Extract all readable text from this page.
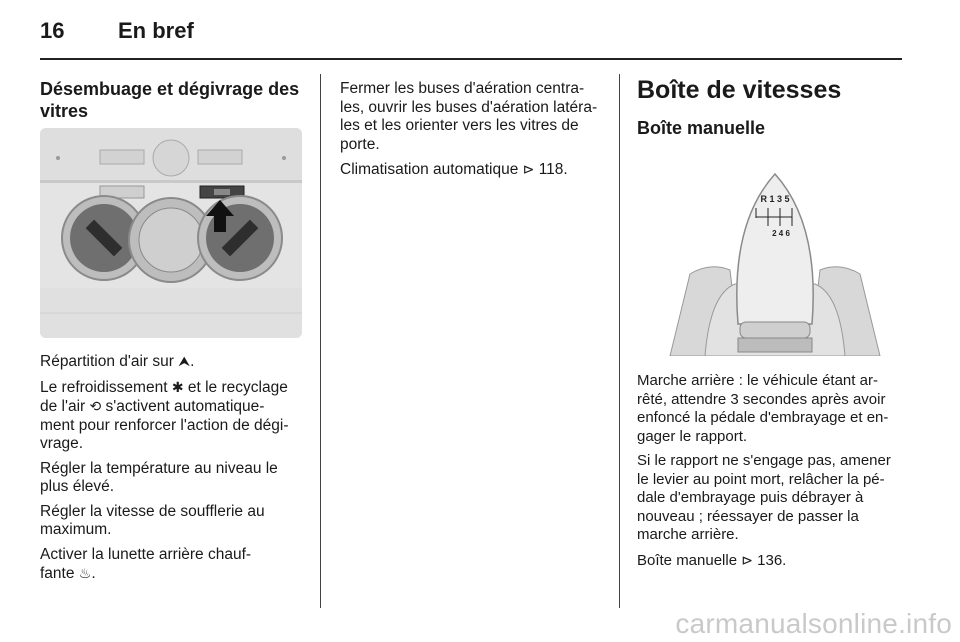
16 En bref
Désembuage et dégivrage des vitres

Répartition d'air sur ⮝.

Le refroidissement ✱ et le recyclage
de l'air ⟲ s'activent automatique-
ment pour renforcer l'action de dégi-
vrage.

Régler la température au niveau le
plus élevé.

Régler la vitesse de soufflerie au
maximum.

Activer la lunette arrière chauf-
fante ♨.

Fermer les buses d'aération centra-
les, ouvrir les buses d'aération latéra-
les et les orienter vers les vitres de
porte.

Climatisation automatique ⊳ 118.

Boîte de vitesses
Boîte manuelle
R 1 3 5
2 4 6

Marche arrière : le véhicule étant ar-
rêté, attendre 3 secondes après avoir
enfoncé la pédale d'embrayage et en-
gager le rapport.

Si le rapport ne s'engage pas, amener
le levier au point mort, relâcher la pé-
dale d'embrayage puis débrayer à
nouveau ; réessayer de passer la
marche arrière.

Boîte manuelle ⊳ 136.

carmanualsonline.info
